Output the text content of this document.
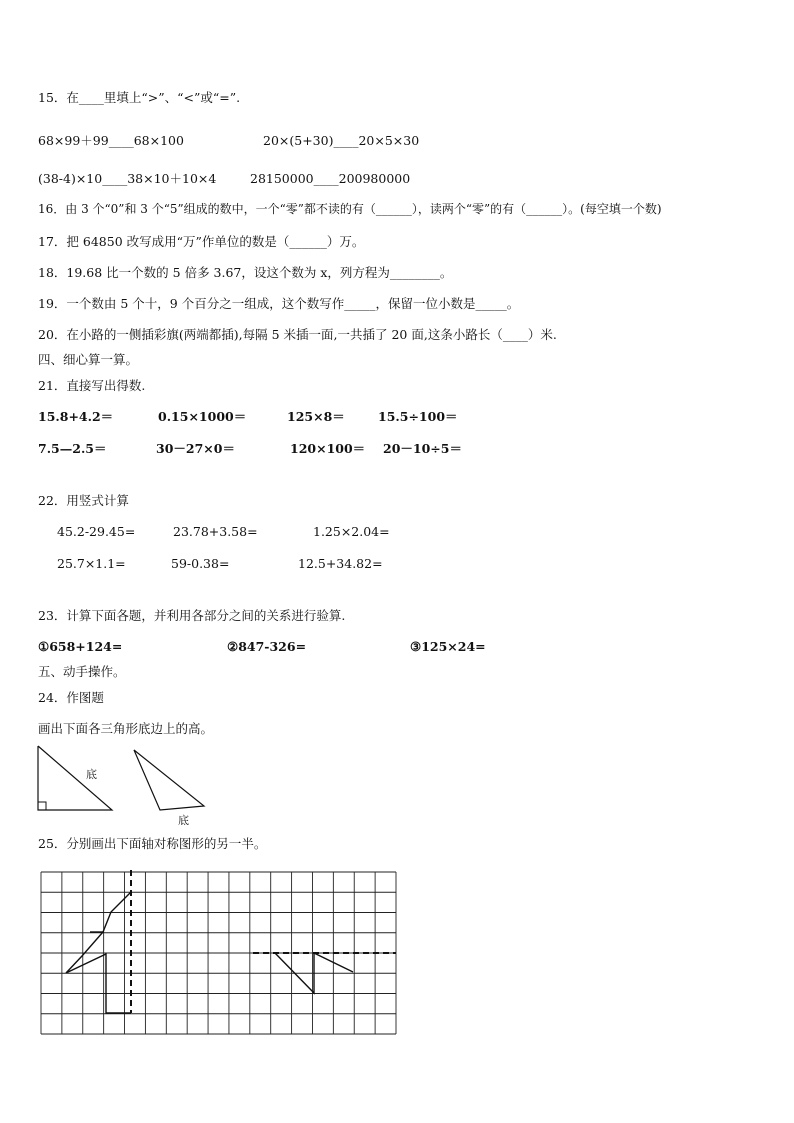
15．在____里填上“>”、“<”或“=”.
68×99＋99____68×100	20×(5+30)____20×5×30
(38-4)×10____38×10＋10×4	28150000____200980000
16．由 3 个“0”和 3 个“5”组成的数中，一个“零”都不读的有（______），读两个“零”的有（______）。(每空填一个数)
17．把 64850 改写成用“万”作单位的数是（______）万。
18．19.68 比一个数的 5 倍多 3.67，设这个数为 x，列方程为________。
19．一个数由 5 个十，9 个百分之一组成，这个数写作_____，保留一位小数是_____。
20．在小路的一侧插彩旗(两端都插),每隔 5 米插一面,一共插了 20 面,这条小路长（____）米.
四、细心算一算。
21．直接写出得数.
15.8+4.2＝	0.15×1000＝	125×8＝	15.5÷100＝
7.5—2.5＝	30－27×0＝	120×100＝ 20－10÷5＝
22．用竖式计算
45.2-29.45=	23.78+3.58=	1.25×2.04=
25.7×1.1=	59-0.38=	12.5+34.82=
23．计算下面各题，并利用各部分之间的关系进行验算.
①658+124=	②847-326=	③125×24=
五、动手操作。
24．作图题
画出下面各三角形底边上的高。
底
底
25．分别画出下面轴对称图形的另一半。
